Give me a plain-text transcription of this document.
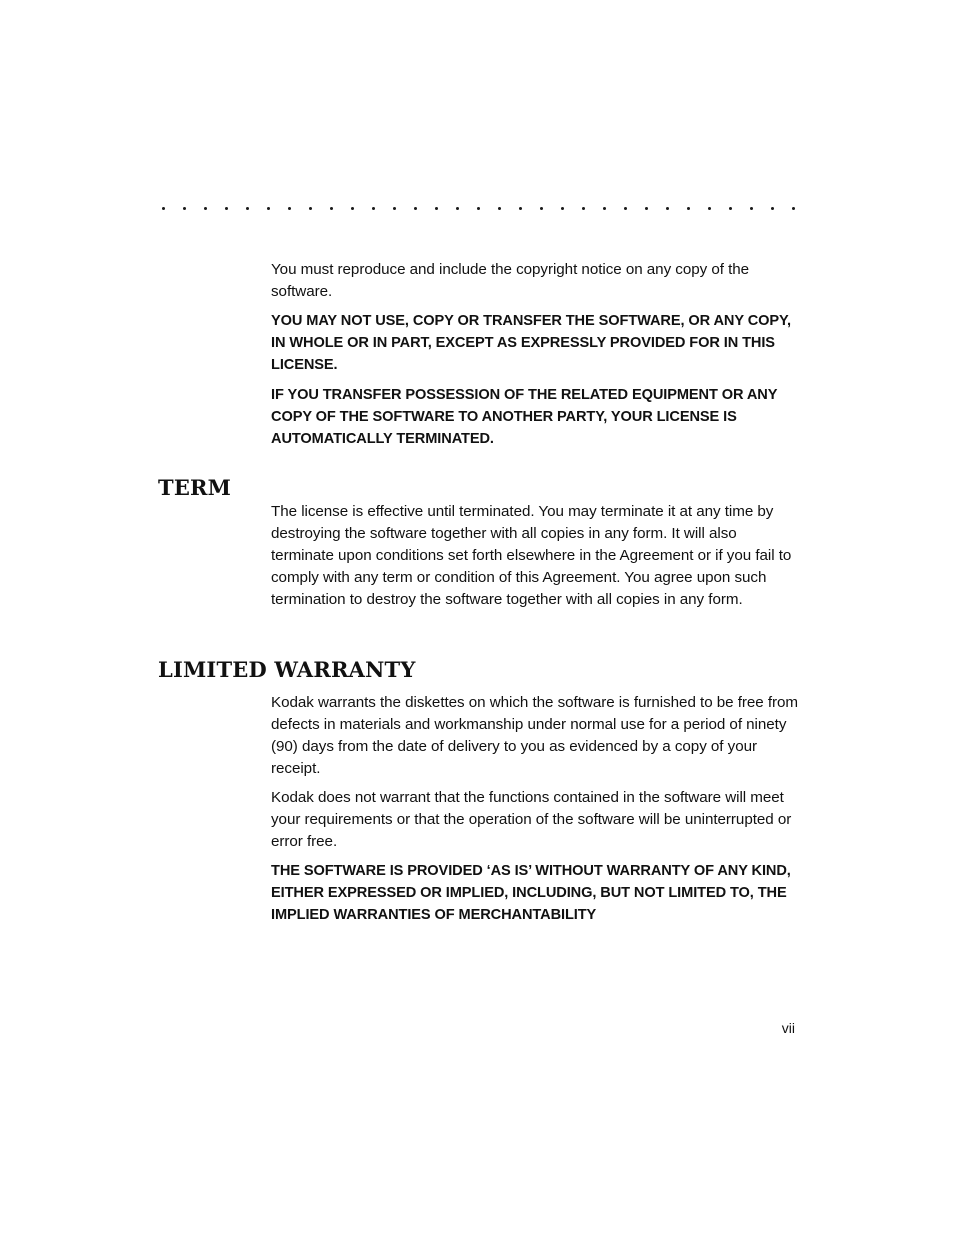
You must reproduce and include the copyright notice on any copy of the software.

YOU MAY NOT USE, COPY OR TRANSFER THE SOFTWARE, OR ANY COPY, IN WHOLE OR IN PART, EXCEPT AS EXPRESSLY PROVIDED FOR IN THIS LICENSE.

IF YOU TRANSFER POSSESSION OF THE RELATED EQUIPMENT OR ANY COPY OF THE SOFTWARE TO ANOTHER PARTY, YOUR LICENSE IS AUTOMATICALLY TERMINATED.

TERM

The license is effective until terminated. You may terminate it at any time by destroying the software together with all copies in any form. It will also terminate upon conditions set forth elsewhere in the Agreement or if you fail to comply with any term or condition of this Agreement. You agree upon such termination to destroy the software together with all copies in any form.

LIMITED WARRANTY

Kodak warrants the diskettes on which the software is furnished to be free from defects in materials and workmanship under normal use for a period of ninety (90) days from the date of delivery to you as evidenced by a copy of your receipt.

Kodak does not warrant that the functions contained in the software will meet your requirements or that the operation of the software will be uninterrupted or error free.

THE SOFTWARE IS PROVIDED ‘AS IS’ WITHOUT WARRANTY OF ANY KIND, EITHER EXPRESSED OR IMPLIED, INCLUDING, BUT NOT LIMITED TO, THE IMPLIED WARRANTIES OF MERCHANTABILITY

vii
